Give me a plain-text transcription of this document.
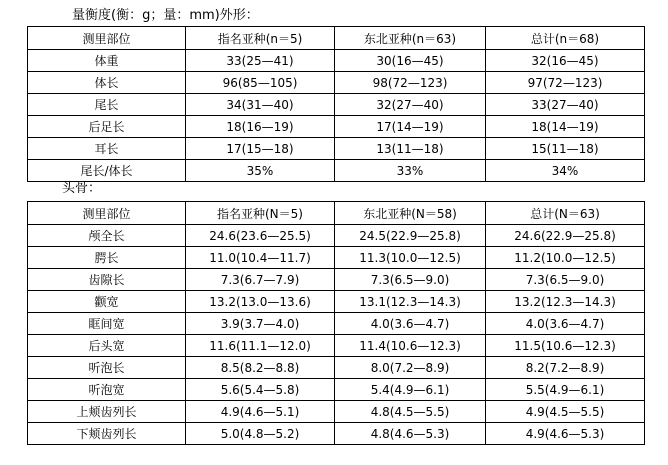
量衡度(衡：g；量：mm)外形：
测里部位	指名亚种(n＝5)	东北亚种(n＝63)	总计(n＝68)
体重	33(25—41)	30(16—45)	32(16—45)
体长	96(85—105)	98(72—123)	97(72—123)
尾长	34(31—40)	32(27—40)	33(27—40)
后足长	18(16—19)	17(14—19)	18(14—19)
耳长	17(15—18)	13(11—18)	15(11—18)
尾长/体长	35%	33%	34%
头骨：
测里部位	指名亚种(N＝5)	东北亚种(N＝58)	总计(N＝63)
颅全长	24.6(23.6—25.5)	24.5(22.9—25.8)	24.6(22.9—25.8)
腭长	11.0(10.4—11.7)	11.3(10.0—12.5)	11.2(10.0—12.5)
齿隙长	7.3(6.7—7.9)	7.3(6.5—9.0)	7.3(6.5—9.0)
颧宽	13.2(13.0—13.6)	13.1(12.3—14.3)	13.2(12.3—14.3)
眶间宽	3.9(3.7—4.0)	4.0(3.6—4.7)	4.0(3.6—4.7)
后头宽	11.6(11.1—12.0)	11.4(10.6—12.3)	11.5(10.6—12.3)
听泡长	8.5(8.2—8.8)	8.0(7.2—8.9)	8.2(7.2—8.9)
听泡宽	5.6(5.4—5.8)	5.4(4.9—6.1)	5.5(4.9—6.1)
上颊齿列长	4.9(4.6—5.1)	4.8(4.5—5.5)	4.9(4.5—5.5)
下颊齿列长	5.0(4.8—5.2)	4.8(4.6—5.3)	4.9(4.6—5.3)
